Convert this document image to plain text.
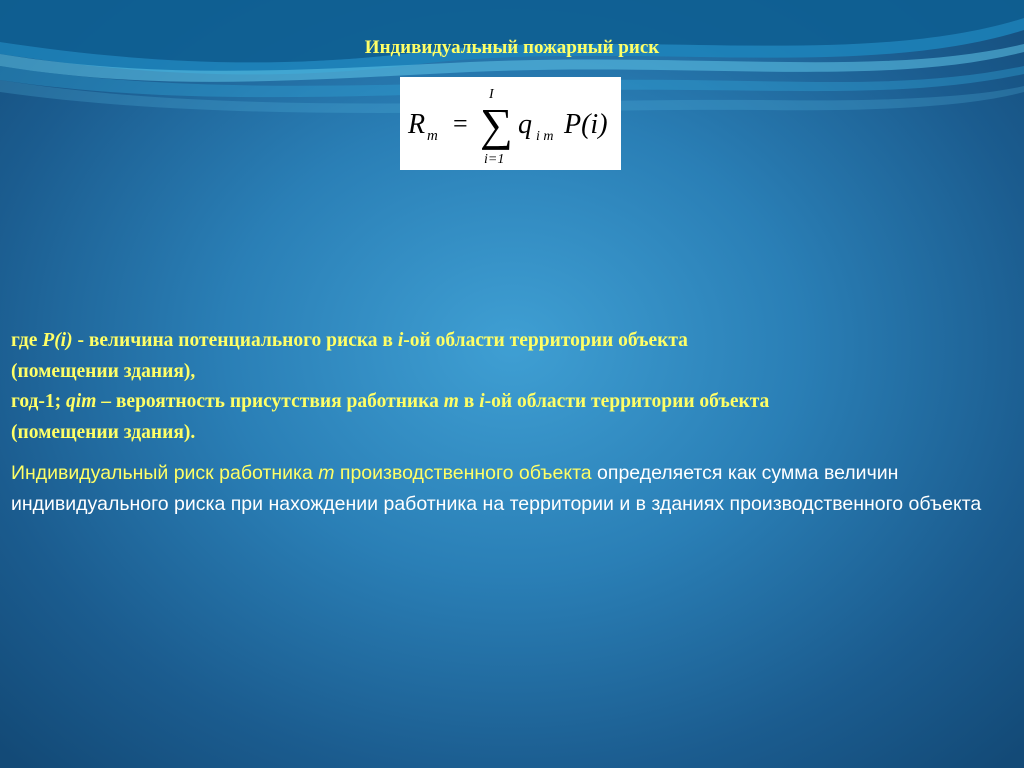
Индивидуальный пожарный риск
R m =
I
∑
i=1
q i m P(i)

где P(i) - величина потенциального риска в i-ой области территории объекта

(помещении здания),

год-1; qim – вероятность присутствия работника m в i-ой области территории объекта

(помещении здания).

Индивидуальный риск работника m производственного объекта определяется как сумма величин индивидуального риска при нахождении работника на территории и в зданиях производственного объекта
